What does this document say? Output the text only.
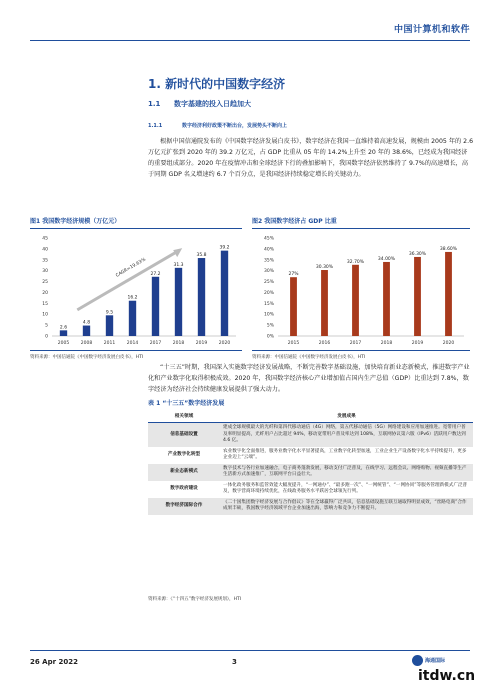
中国计算机和软件
1. 新时代的中国数字经济
1.1 数字基建的投入日趋加大
1.1.1	数字经济利好政策不断出台，发展势头不断向上

根据中国信通院发布的《中国数字经济发展白皮书》，数字经济在我国一直维持着高速发展，规模由 2005 年的 2.6 万亿元扩张到 2020 年的 39.2 万亿元，占 GDP 比重从 05 年的 14.2%上升至 20 年的 38.6%，已经成为我国经济的重要组成部分。2020 年在疫情冲击和全球经济下行的叠加影响下，我国数字经济依然维持了 9.7%的高速增长，高于同期 GDP 名义增速约 6.7 个百分点，是我国经济持续稳定增长的关键动力。

图1 我国数字经济规模（万亿元）
0
5
10
15
20
25
30
35
40
45
2.6
2005
4.8
2008
9.5
2011
16.2
2014
27.2
2017
31.3
2018
35.8
2019
39.2
2020
CAGR=19.63%
资料来源：中国信通院《中国数字经济发展白皮书》，HTI
图2 我国数字经济占 GDP 比重
0%
5%
10%
15%
20%
25%
30%
35%
40%
45%
27%
2015
30.30%
2016
32.70%
2017
34.00%
2018
36.30%
2019
38.60%
2020
资料来源：中国信通院《中国数字经济发展白皮书》，HTI

“十三五”时期，我国深入实施数字经济发展战略，不断完善数字基础设施，加快培育新业态新模式，推进数字产业化和产业数字化取得积极成效。2020 年，我国数字经济核心产业增加值占国内生产总值（GDP）比重达到 7.8%，数字经济为经济社会持续健康发展提供了强大动力。

表 1 “十三五”数字经济发展
相关领域	发展成果
信息基础设置	建成全球规模最大的光纤和第四代移动通信（4G）网络，第五代移动通信（5G）网络建设和应用加速推进。宽带用户普及率明显提高，光纤用户占比超过 94%，移动宽带用户普及率达到 108%，互联网协议第六版（IPv6）活跃用户数达到 4.6 亿。
产业数字化转型	农业数字化全面推进，服务业数字化水平显著提高，工业数字化转型加速，工业企业生产设备数字化水平持续提升，更多企业迈上“云端”。
新业态新模式	数字技术与各行业加速融合，电子商务蓬勃发展，移动支付广泛普及，在线学习、远程会议、网络购物、视频直播等生产生活新方式加速推广，互联网平台日益壮大。
数字政府建设	一体化政务服务和监管效能大幅度提升，“一网通办”、“最多跑一次”、“一网统管”、“一网协同”等服务管理新模式广泛普及，数字营商环境持续优化，在线政务服务水平跃居全球领先行列。
数字经济国际合作	《二十国集团数字经济发展与合作倡议》等在全球赢得广泛共识，信息基础设施互联互通取得明显成效，“丝路电商”合作成果丰硕，我国数字经济领域平台企业加速出海，影响力和竞争力不断提升。
资料来源：《“十四五”数字经济发展规划》，HTI
26 Apr 2022	3	海通国际
itdw.cn
